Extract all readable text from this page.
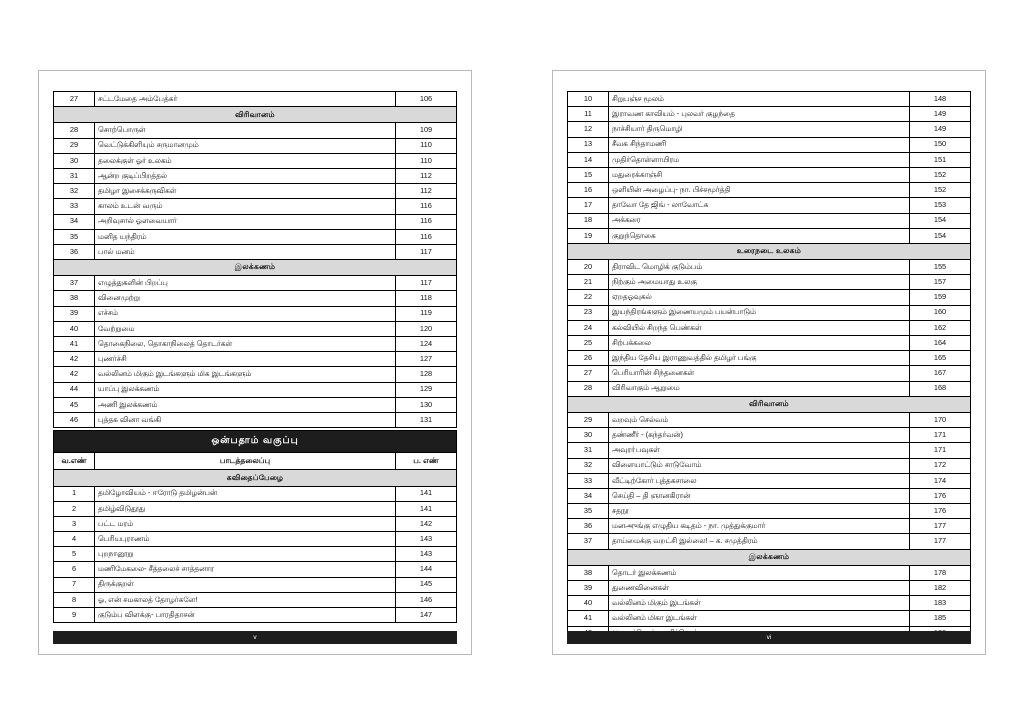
27	சட்டமேதை அம்பேத்கர்	106
விரிவானம்		
28	சொற்பொருள்	109
29	வெட்டுக்கிளியும் சருமானமும்	110
30	தலைக்குள் ஓர் உலகம்	110
31	ஆன்ற குடிப்பிறத்தல்	112
32	தமிழா இசைக்கருவிகள்	112
33	காலம் உடன் வரும்	116
34	அறிவுசால் ஓளவையார்	116
35	மனித யந்திரம்	116
36	பால் மனம்	117
இலக்கணம்		
37	எழுத்துகளின் பிறப்பு	117
38	வினைமுற்று	118
39	எச்சம்	119
40	வேற்றுமை	120
41	தொகைநிலை, தொகாநிலைத் தொடர்கள்	124
42	புணர்ச்சி	127
42	வல்லினம் மிகும் இடங்களும் மிக இடங்களும்	128
44	யாப்பு இலக்கணம்	129
45	அணி இலக்கணம்	130
46	புத்தக வினா வங்கி	131
ஒன்பதாம் வகுப்பு
வ.எண்	பாடத்தலைப்பு	ப. எண்
கவிதைப்பேழை		
1	தமிழோவியம் - ஈரோடு தமிழன்பன்	141
2	தமிழ்விடுதூது	141
3	பட்ட மரம்	142
4	பெரியபுராணம்	143
5	புறநானூறு	143
6	மணிமேகலை- சீத்தலைச் சாத்தனார	144
7	திருக்குறள்	145
8	ஓ, என் சமகாலத் தோழர்களே!	146
9	குடும்ப விளக்கு- பாரதிதாசன்	147
v
10	சிறுபஞ்ச மூலம்	148
11	இராவண காவியம் - புலவர் குழந்தை	149
12	நாச்சியார் திருமொழி	149
13	சீவக சிந்தாமணி	150
14	முதிர்தொள்ளாயிரம	151
15	மதுரைக்காஞ்சி	152
16	ஒளியின் அழைப்பு- நா. பிச்சமூர்த்தி	152
17	தாவோ தே ஜிங் - லாவோட்சு	153
18	அக்கரை	154
19	குறுந்தொகை	154
உரைநடை உலகம்		
20	திராவிட மொழிக் குடும்பம்	155
21	நிற்கும் அமையாது உலகு	157
22	ஏறதஓவுகல்	159
23	இயந்திரங்களும் இணையமும் பயன்பாடும்	160
24	கல்வியில் சிறந்த பெண்கள்	162
25	சிற்பக்கலை	164
26	இந்திய தேசிய இராணுவத்தில் தமிழர் பங்கு	165
27	பெரியாரின் சிந்தனைகள்	167
28	விரிவாகும் ஆறுமை	168
விரிவானம்		
29	வறவும் செல்வம்	170
30	தண்ணீர் - (கந்தர்வன்)	171
31	அவுரா்பவுகள்	171
32	விளையாட்டும் சாடுவோம்	172
33	வீட்டிற்கோர் புத்தகசாலை	174
34	செய்தி – தி ஞானகிரான்	176
35	சதநூ	176
36	மனஅுங்கு எழுதிய கடிதம் - நா. முத்துக்குமார்	177
37	தாய்மைக்கு வறட்சி இல்லை! – க. சமுத்திரம்	177
இலக்கணம்		
38	தொடர் இலக்கணம்	178
39	துணைவினைகள்	182
40	வல்லினம் மிகும் இடங்கள்	183
41	வல்லினம் மிகா இடங்கள்	185

vi
